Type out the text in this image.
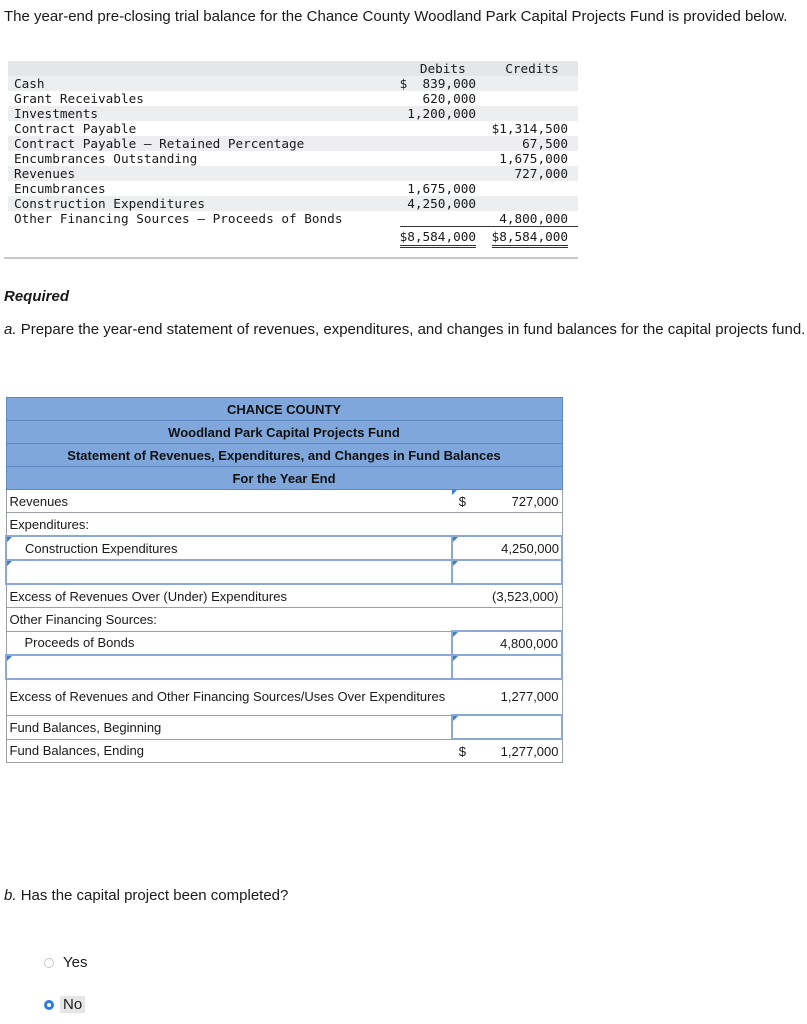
The year-end pre-closing trial balance for the Chance County Woodland Park Capital Projects Fund is provided below.
	Debits	Credits
Cash	$ 839,000	
Grant Receivables	620,000	
Investments	1,200,000	
Contract Payable		$1,314,500
Contract Payable – Retained Percentage		67,500
Encumbrances Outstanding		1,675,000
Revenues		727,000
Encumbrances	1,675,000	
Construction Expenditures	4,250,000	
Other Financing Sources – Proceeds of Bonds		4,800,000
	$8,584,000	$8,584,000
Required
a. Prepare the year-end statement of revenues, expenditures, and changes in fund balances for the capital projects fund.
CHANCE COUNTY		
Woodland Park Capital Projects Fund		
Statement of Revenues, Expenditures, and Changes in Fund Balances		
For the Year End		
Revenues	$	727,000
Expenditures:		

Construction Expenditures	4,250,000	

Excess of Revenues Over (Under) Expenditures		(3,523,000)
Other Financing Sources:		
Proceeds of Bonds	4,800,000	

Excess of Revenues and Other Financing Sources/Uses Over Expenditures		1,277,000
Fund Balances, Beginning		

Fund Balances, Ending	$	1,277,000
b. Has the capital project been completed?
Yes
No
